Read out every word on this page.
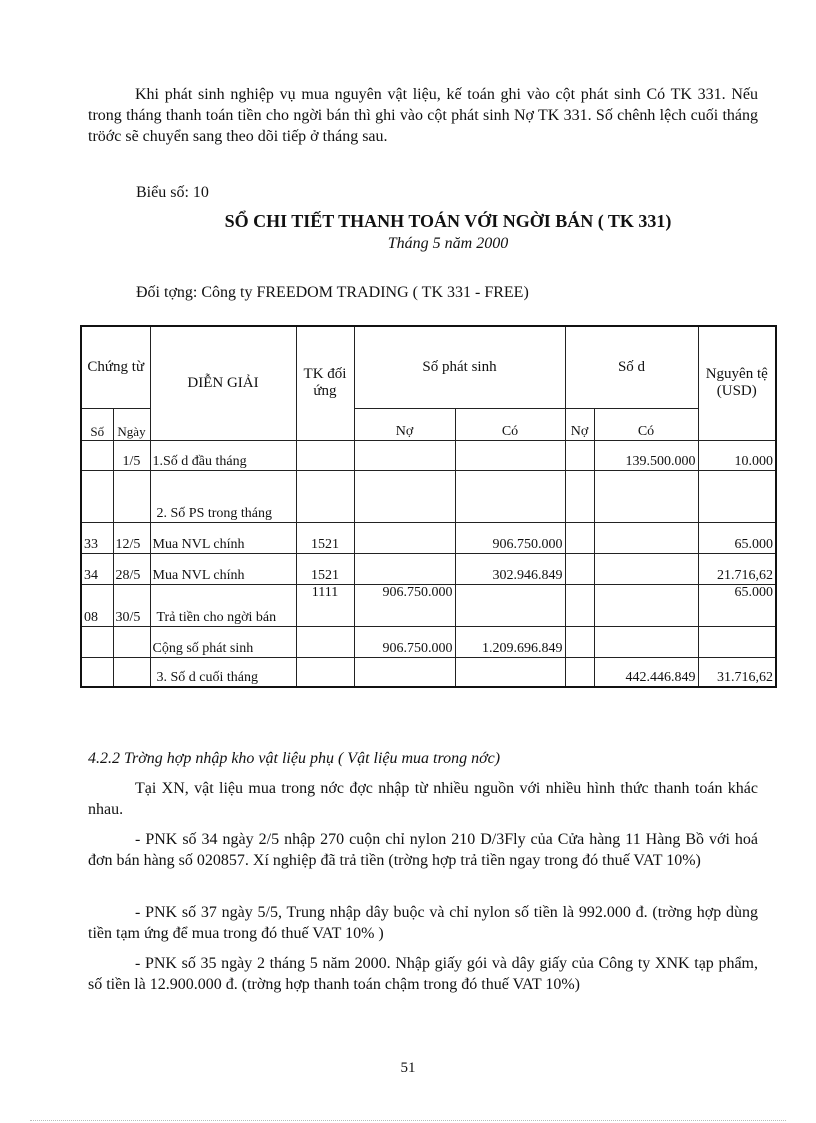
Khi phát sinh nghiệp vụ mua nguyên vật liệu, kế toán ghi vào cột phát sinh Có TK 331. Nếu trong tháng thanh toán tiền cho ngời bán thì ghi vào cột phát sinh Nợ TK 331. Số chênh lệch cuối tháng tröớc sẽ chuyển sang theo dõi tiếp ở tháng sau.

Biểu số: 10

SỔ CHI TIẾT THANH TOÁN VỚI NGỜI BÁN ( TK 331)

Tháng 5 năm 2000

Đối tợng: Công ty FREEDOM TRADING ( TK 331 - FREE)

Chứng từ		DIỄN GIẢI	TK đối ứng	Số phát sinh		Số d		Nguyên tệ (USD)
Số	Ngày			Nợ	Có	Nợ	Có	
	1/5	1.Số d đầu tháng					139.500.000	10.000
		2. Số PS trong tháng						
33	12/5	Mua NVL chính	1521		906.750.000			65.000
34	28/5	Mua NVL chính	1521		302.946.849			21.716,62
08	30/5	Trả tiền cho ngời bán	1111	906.750.000				65.000
		Cộng số phát sinh		906.750.000	1.209.696.849			
		3. Số d cuối tháng					442.446.849	31.716,62

4.2.2 Trờng hợp nhập kho vật liệu phụ ( Vật liệu mua trong nớc)

Tại XN, vật liệu mua trong nớc đợc nhập từ nhiều nguồn với nhiều hình thức thanh toán khác nhau.

- PNK số 34 ngày 2/5 nhập 270 cuộn chỉ nylon 210 D/3Fly của Cửa hàng 11 Hàng Bồ với hoá đơn bán hàng số 020857. Xí nghiệp đã trả tiền (trờng hợp trả tiền ngay trong đó thuế VAT 10%)

- PNK số 37 ngày 5/5, Trung nhập dây buộc và chỉ nylon số tiền là 992.000 đ. (trờng hợp dùng tiền tạm ứng để mua trong đó thuế VAT 10% )

- PNK số 35 ngày 2 tháng 5 năm 2000. Nhập giấy gói và dây giấy của Công ty XNK tạp phẩm, số tiền là 12.900.000 đ. (trờng hợp thanh toán chậm trong đó thuế VAT 10%)

51
